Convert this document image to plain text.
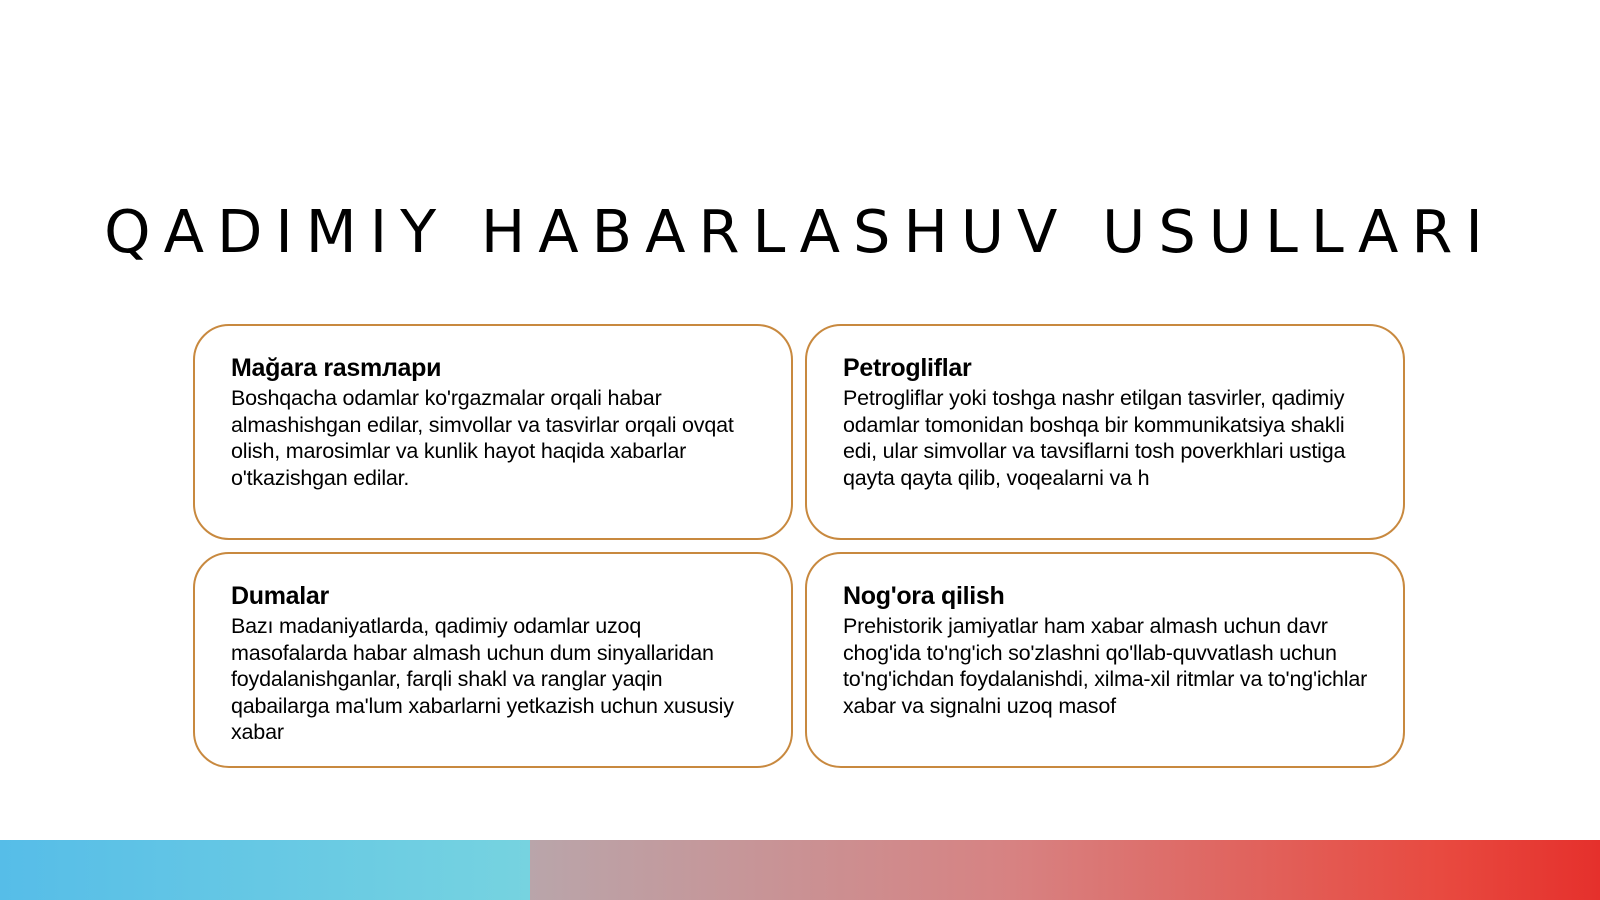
QADIMIY HABARLASHUV USULLARI
Mağara rasmлари

Boshqacha odamlar ko'rgazmalar orqali habar almashishgan edilar, simvollar va tasvirlar orqali ovqat olish, marosimlar va kunlik hayot haqida xabarlar o'tkazishgan edilar.

Petrogliflar

Petrogliflar yoki toshga nashr etilgan tasvirler, qadimiy odamlar tomonidan boshqa bir kommunikatsiya shakli edi, ular simvollar va tavsiflarni tosh poverkhlari ustiga qayta qayta qilib, voqealarni va h

Dumalar

Bazı madaniyatlarda, qadimiy odamlar uzoq masofalarda habar almash uchun dum sinyallaridan foydalanishganlar, farqli shakl va ranglar yaqin qabailarga ma'lum xabarlarni yetkazish uchun xususiy xabar

Nog'ora qilish

Prehistorik jamiyatlar ham xabar almash uchun davr chog'ida to'ng'ich so'zlashni qo'llab-quvvatlash uchun to'ng'ichdan foydalanishdi, xilma-xil ritmlar va to'ng'ichlar xabar va signalni uzoq masof
